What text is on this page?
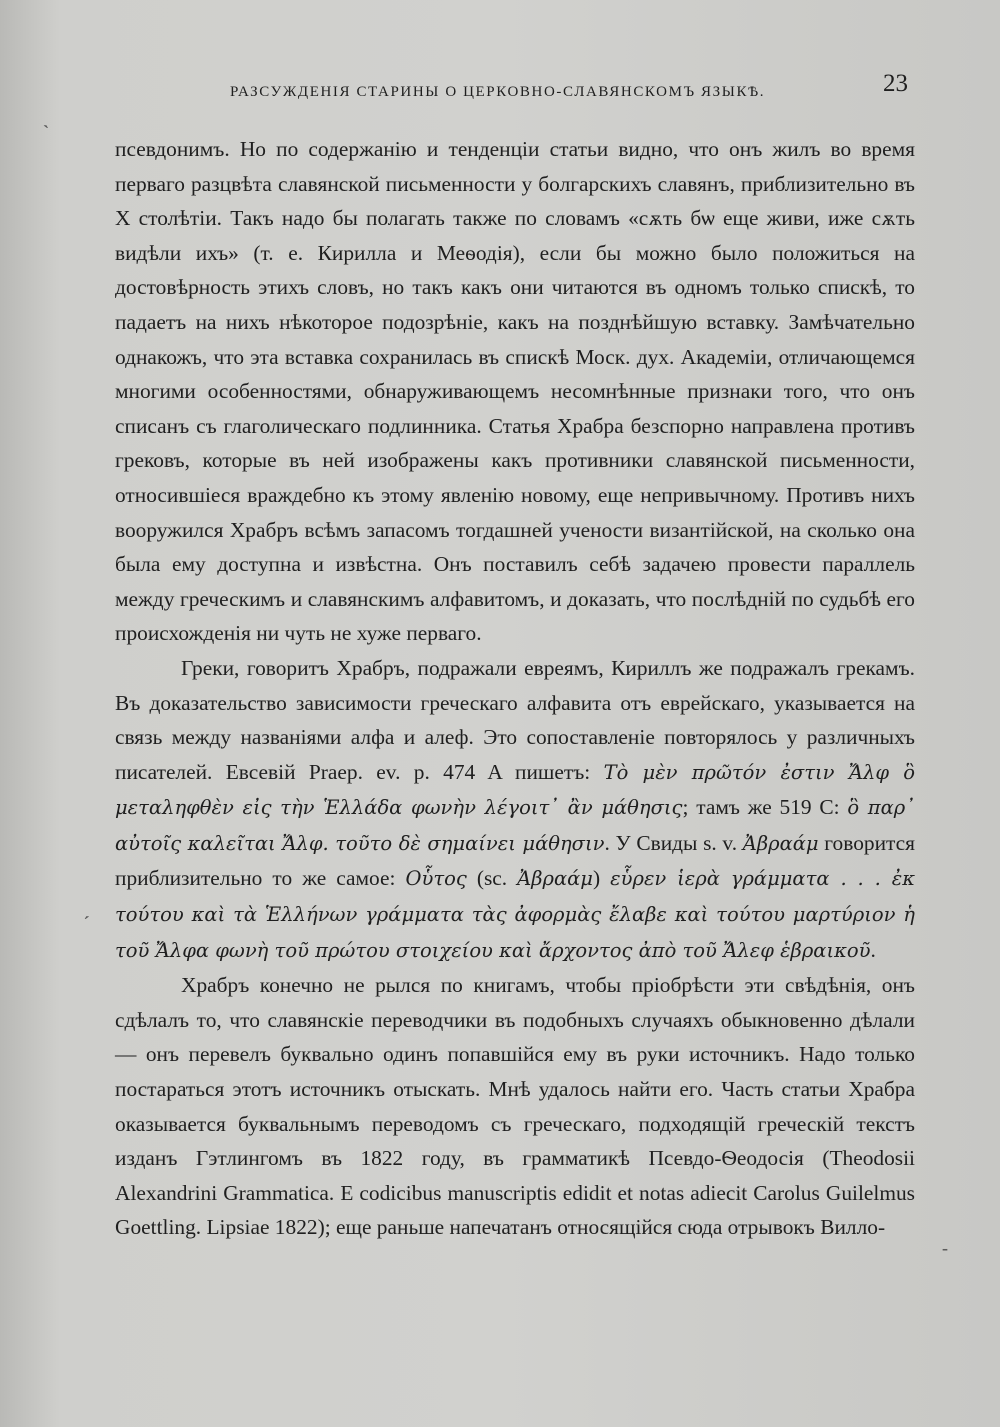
ˎ
ˏ
‐
РАЗСУЖДЕНІЯ СТАРИНЫ О ЦЕРКОВНО-СЛАВЯНСКОМЪ ЯЗЫКѢ.	23

псевдонимъ. Но по содержанію и тенденціи статьи видно, что онъ жилъ во время перваго разцвѣта славянской письменности у болгарскихъ славянъ, приблизительно въ X столѣтіи. Такъ надо бы полагать также по словамъ «сѫть бѡ еще живи, иже сѫть видѣли ихъ» (т. е. Кирилла и Меѳодія), если бы можно было положиться на достовѣрность этихъ словъ, но такъ какъ они читаются въ одномъ только спискѣ, то падаетъ на нихъ нѣкоторое подозрѣніе, какъ на позднѣйшую вставку. Замѣчательно однакожъ, что эта вставка сохранилась въ спискѣ Моск. дух. Академіи, отличающемся многими особенностями, обнаруживающемъ несомнѣнные признаки того, что онъ списанъ съ глаголическаго подлинника. Статья Храбра безспорно направлена противъ грековъ, которые въ ней изображены какъ противники славянской письменности, относившіеся враждебно къ этому явленію новому, еще непривычному. Противъ нихъ вооружился Храбръ всѣмъ запасомъ тогдашней учености византійской, на сколько она была ему доступна и извѣстна. Онъ поставилъ себѣ задачею провести параллель между греческимъ и славянскимъ алфавитомъ, и доказать, что послѣдній по судьбѣ его происхожденія ни чуть не хуже перваго.

Греки, говоритъ Храбръ, подражали евреямъ, Кириллъ же подражалъ грекамъ. Въ доказательство зависимости греческаго алфавита отъ еврейскаго, указывается на связь между названіями алфа и алеф. Это сопоставленіе повторялось у различныхъ писателей. Евсевій Praep. ev. p. 474 A пишетъ: Τὸ μὲν πρῶτόν ἐστιν Ἄλφ ὃ μεταληφθὲν εἰς τὴν Ἑλλάδα φωνὴν λέγοιτ᾽ ἂν μάθησις; тамъ же 519 C: ὃ παρ᾽ αὐτοῖς καλεῖται Ἄλφ. τοῦτο δὲ σημαίνει μάθησιν. У Свиды s. v. Ἀβραάμ говорится приблизительно то же самое: Οὗτος (sc. Ἀβραάμ) εὗρεν ἱερὰ γράμματα . . . ἐκ τούτου καὶ τὰ Ἑλλήνων γράμματα τὰς ἀφορμὰς ἔλαβε καὶ τούτου μαρτύριον ἡ τοῦ Ἄλφα φωνὴ τοῦ πρώτου στοιχείου καὶ ἄρχοντος ἀπὸ τοῦ Ἄλεφ ἑβραικοῦ.

Храбръ конечно не рылся по книгамъ, чтобы пріобрѣсти эти свѣдѣнія, онъ сдѣлалъ то, что славянскіе переводчики въ подобныхъ случаяхъ обыкновенно дѣлали — онъ перевелъ буквально одинъ попавшійся ему въ руки источникъ. Надо только постараться этотъ источникъ отыскать. Мнѣ удалось найти его. Часть статьи Храбра оказывается буквальнымъ переводомъ съ греческаго, подходящій греческій текстъ изданъ Гэтлингомъ въ 1822 году, въ грамматикѣ Псевдо-Ѳеодосія (Theodosii Alexandrini Grammatica. E codicibus manuscriptis edidit et notas adiecit Carolus Guilelmus Goettling. Lipsiae 1822); еще раньше напечатанъ относящійся сюда отрывокъ Вилло-
